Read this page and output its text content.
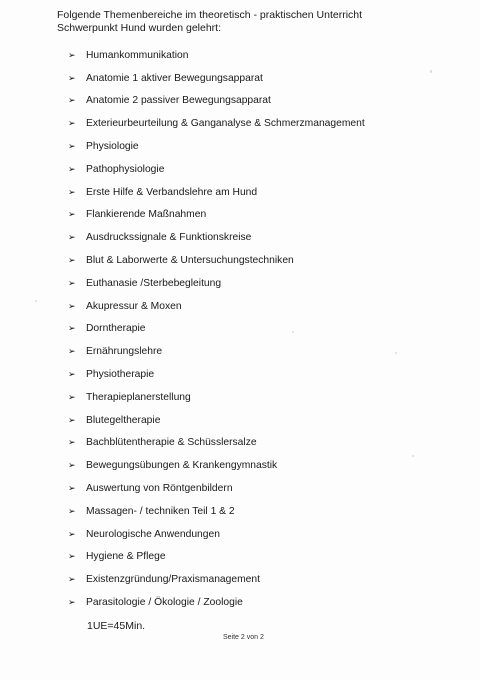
Folgende Themenbereiche im theoretisch - praktischen Unterricht
Schwerpunkt Hund wurden gelehrt:
➢	Humankommunikation
➢	Anatomie 1 aktiver Bewegungsapparat
➢	Anatomie 2 passiver Bewegungsapparat
➢	Exterieurbeurteilung & Ganganalyse & Schmerzmanagement
➢	Physiologie
➢	Pathophysiologie
➢	Erste Hilfe & Verbandslehre am Hund
➢	Flankierende Maßnahmen
➢	Ausdruckssignale & Funktionskreise
➢	Blut & Laborwerte & Untersuchungstechniken
➢	Euthanasie /Sterbebegleitung
➢	Akupressur & Moxen
➢	Dorntherapie
➢	Ernährungslehre
➢	Physiotherapie
➢	Therapieplanerstellung
➢	Blutegeltherapie
➢	Bachblütentherapie & Schüsslersalze
➢	Bewegungsübungen & Krankengymnastik
➢	Auswertung von Röntgenbildern
➢	Massagen- / techniken Teil 1 & 2
➢	Neurologische Anwendungen
➢	Hygiene & Pflege
➢	Existenzgründung/Praxismanagement
➢	Parasitologie / Ökologie / Zoologie
1UE=45Min.
Seite 2 von 2
